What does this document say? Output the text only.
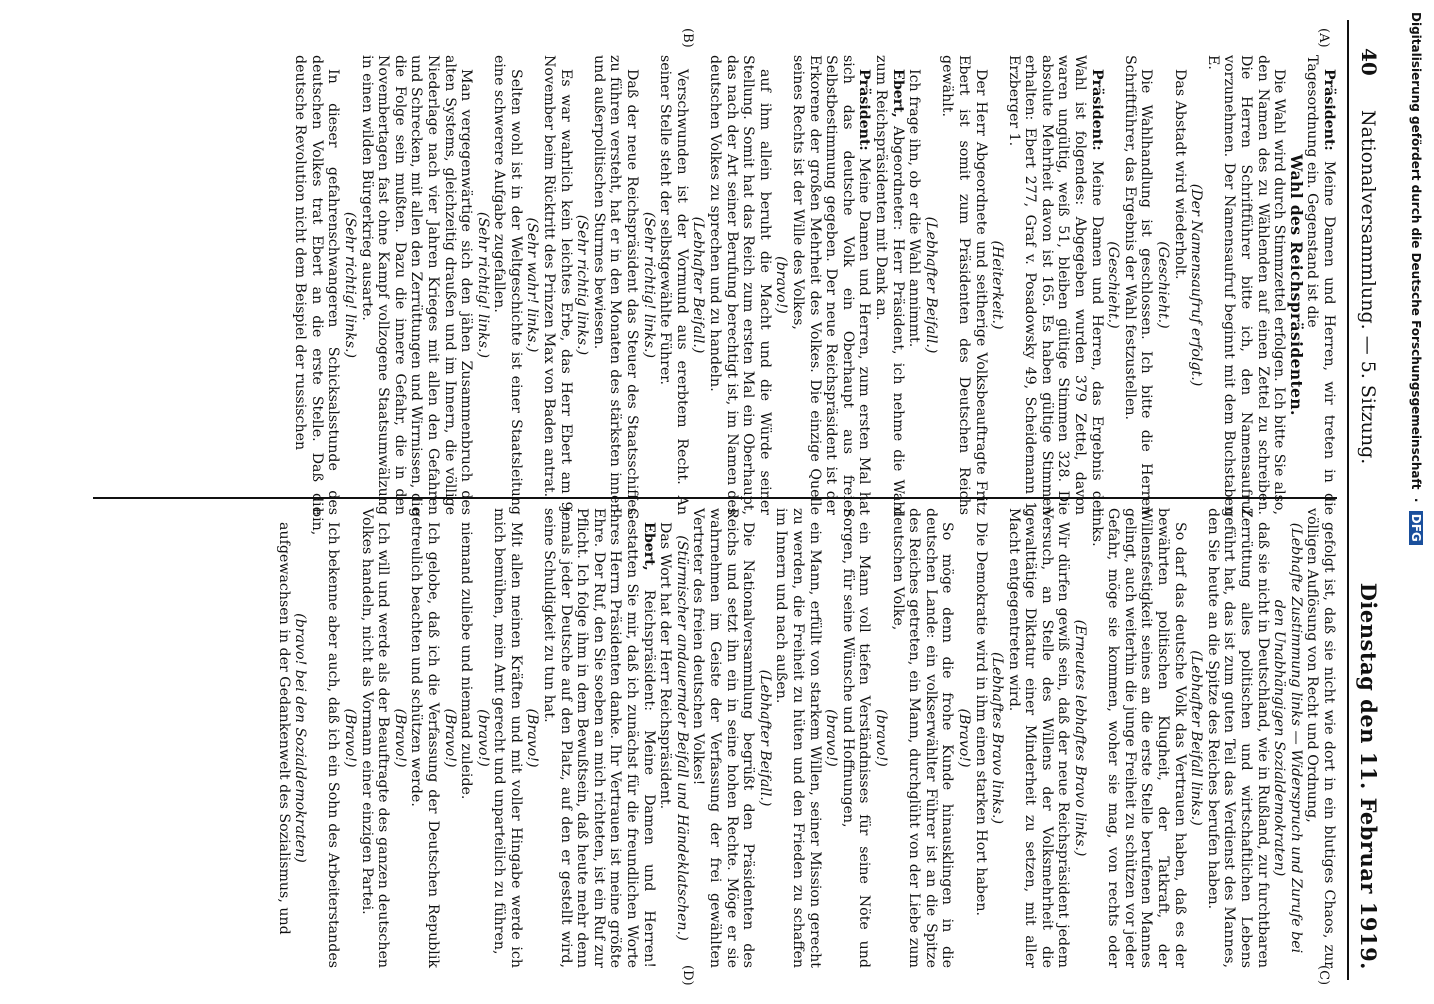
40
Nationalversammlung. — 5. Sitzung.
Dienstag den 11. Februar 1919.
(A)
(B)
(C)
(D)

Präsident: Meine Damen und Herren, wir treten in die Tagesordnung ein. Gegenstand ist die

Wahl des Reichspräsidenten.

Die Wahl wird durch Stimmzettel erfolgen. Ich bitte Sie also, den Namen des zu Wählenden auf einen Zettel zu schreiben. Die Herren Schriftführer bitte ich, den Namensaufruf vorzunehmen. Der Namensaufruf beginnt mit dem Buchstaben E.

(Der Namensaufruf erfolgt.)

Das Abstadt wird wiederholt.

(Geschieht.)

Die Wahlhandlung ist geschlossen. Ich bitte die Herren Schriftführer, das Ergebnis der Wahl festzustellen.

(Geschieht.)

Präsident: Meine Damen und Herren, das Ergebnis der Wahl ist folgendes: Abgegeben wurden 379 Zettel, davon waren ungültig, weiß 51, bleiben gültige Stimmen 328. Die absolute Mehrheit davon ist 165. Es haben gültige Stimmen erhalten: Ebert 277, Graf v. Posadowsky 49, Scheidemann 1, Erzberger 1.

(Heiterkeit.)

Der Herr Abgeordnete und seitherige Volksbeauftragte Fritz Ebert ist somit zum Präsidenten des Deutschen Reichs gewählt.

(Lebhafter Beifall.)

Ich frage ihn, ob er die Wahl annimmt.

Ebert, Abgeordneter: Herr Präsident, ich nehme die Wahl zum Reichspräsidenten mit Dank an.

Präsident: Meine Damen und Herren, zum ersten Mal hat sich das deutsche Volk ein Oberhaupt aus freier Selbstbestimmung gegeben. Der neue Reichspräsident ist der Erkorene der großen Mehrheit des Volkes. Die einzige Quelle seines Rechts ist der Wille des Volkes,

(bravo!)

auf ihm allein beruht die Macht und die Würde seiner Stellung. Somit hat das Reich zum ersten Mal ein Oberhaupt, das nach der Art seiner Berufung berechtigt ist, im Namen des deutschen Volkes zu sprechen und zu handeln.

(Lebhafter Beifall.)

Verschwunden ist der Vormund aus ererbtem Recht. An seiner Stelle steht der selbstgewählte Führer.

(Sehr richtig! links.)

Daß der neue Reichspräsident das Steuer des Staatsschiffes zu führen versteht, hat er in den Monaten des stärksten inner- und außerpolitischen Sturmes bewiesen.

(Sehr richtig links.)

Es war wahrlich kein leichtes Erbe, das Herr Ebert am 9. November beim Rücktritt des Prinzen Max von Baden antrat.

(Sehr wahr! links.)

Selten wohl ist in der Weltgeschichte ist einer Staatsleitung eine schwerere Aufgabe zugefallen.

(Sehr richtig! links.)

Man vergegenwärtige sich den jähen Zusammenbruch des alten Systems, gleichzeitig draußen und im Innern, die völlige Niederlage nach vier Jahren Krieges mit allen den Gefahren und Schrecken, mit allen den Zerrüttungen und Wirrnissen, die die Folge sein mußten. Dazu die innere Gefahr, die in den Novembertagen fast ohne Kampf vollzogene Staatsumwälzung in einen wilden Bürgerkrieg ausarte.

(Sehr richtig! links.)

In dieser gefahrenschwangeren Schicksalsstunde des deutschen Volkes trat Ebert an die erste Stelle. Daß die deutsche Revolution nicht dem Beispiel der russischen

gefolgt ist, daß sie nicht wie dort in ein blutiges Chaos, zur völligen Auflösung von Recht und Ordnung,

(Lebhafte Zustimmung links — Widerspruch und Zurufe bei den Unabhängigen Sozialdemokraten)

daß sie nicht in Deutschland, wie in Rußland, zur furchtbaren Zerrüttung alles politischen und wirtschaftlichen Lebens geführt hat, das ist zum guten Teil das Verdienst des Mannes, den Sie heute an die Spitze des Reiches berufen haben.

(Lebhafter Beifall links.)

So darf das deutsche Volk das Vertrauen haben, daß es der bewährten politischen Klugheit, der Tatkraft, der Willensfestigkeit seines an die erste Stelle berufenen Mannes gelingt, auch weiterhin die junge Freiheit zu schützen vor jeder Gefahr, möge sie kommen, woher sie mag, von rechts oder links.

(Erneutes lebhaftes Bravo links.)

Wir dürfen gewiß sein, daß der neue Reichspräsident jedem Versuch, an Stelle des Willens der Volksmehrheit die gewalttätige Diktatur einer Minderheit zu setzen, mit aller Macht entgegentreten wird.

(Lebhaftes Bravo links.)

Die Demokratie wird in ihm einen starken Hort haben.

(Bravo!)

So möge denn die frohe Kunde hinausklingen in die deutschen Lande: ein volkserwählter Führer ist an die Spitze des Reiches getreten, ein Mann, durchglüht von der Liebe zum deutschen Volke,

(bravo!)

ein Mann voll tiefen Verständnisses für seine Nöte und Sorgen, für seine Wünsche und Hoffnungen,

(bravo!)

ein Mann, erfüllt von starkem Willen, seiner Mission gerecht zu werden, die Freiheit zu hüten und den Frieden zu schaffen im Innern und nach außen.

(Lebhafter Beifall.)

Die Nationalversammlung begrüßt den Präsidenten des Reichs und setzt ihn ein in seine hohen Rechte. Möge er sie wahrnehmen im Geiste der Verfassung der frei gewählten Vertreter des freien deutschen Volkes!

(Stürmischer andauernder Beifall und Händeklatschen.)

Das Wort hat der Herr Reichspräsident.

Ebert, Reichspräsident: Meine Damen und Herren! Gestatten Sie mir, daß ich zunächst für die freundlichen Worte Ihres Herrn Präsidenten danke. Ihr Vertrauen ist meine größte Ehre. Der Ruf, den Sie soeben an mich richteten, ist ein Ruf zur Pflicht. Ich folge ihm in dem Bewußtsein, daß heute mehr denn jemals jeder Deutsche auf den Platz, auf den er gestellt wird, seine Schuldigkeit zu tun hat.

(Bravo!)

Mit allen meinen Kräften und mit voller Hingabe werde ich mich bemühen, mein Amt gerecht und unparteilich zu führen,

(bravo!)

niemand zuliebe und niemand zuleide.

(Bravo!)

Ich gelobe, daß ich die Verfassung der Deutschen Republik getreulich beachten und schützen werde.

(Bravo!)

Ich will und werde als der Beauftragte des ganzen deutschen Volkes handeln, nicht als Vormann einer einzigen Partei.

(Bravo!)

Ich bekenne aber auch, daß ich ein Sohn des Arbeiterstandes bin,

(bravo! bei den Sozialdemokraten)

aufgewachsen in der Gedankenwelt des Sozialismus, und

Digitalisierung gefördert durch die Deutsche Forschungsgemeinschaft  ·  DFG
